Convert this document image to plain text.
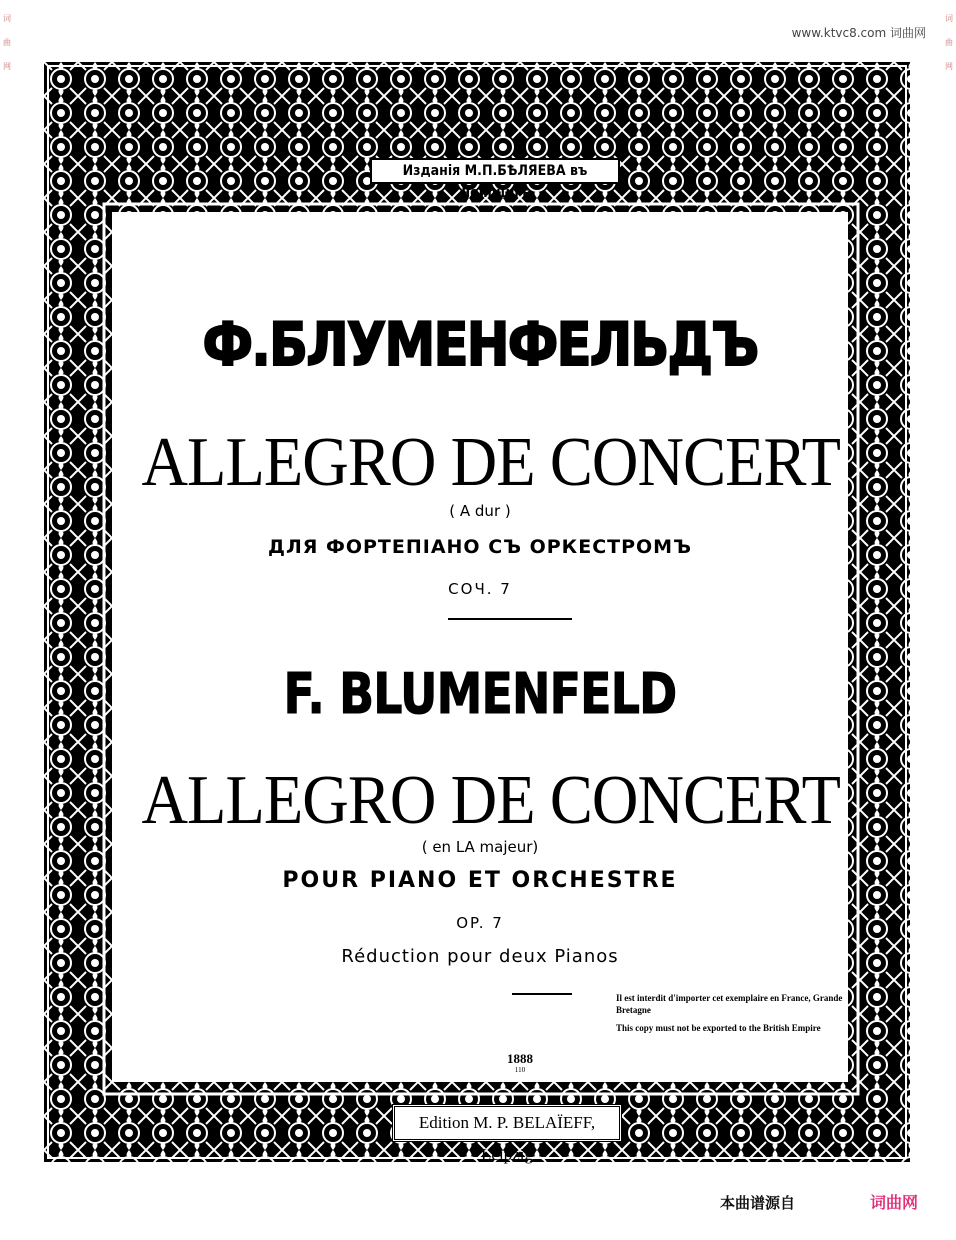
词
曲
网
词
曲
网
www.ktvc8.com 词曲网
Изданія М.П.БѢЛЯЕВА въ Лейпцигѣ
Ф.БЛУМЕНФЕЛЬДЪ
ALLEGRO DE CONCERT
( A dur )
ДЛЯ ФОРТЕПІАНО СЪ ОРКЕСТРОМЪ
СОЧ. 7
F. BLUMENFELD
ALLEGRO DE CONCERT
( en LA majeur)
POUR PIANO ET ORCHESTRE
OP. 7
Réduction pour deux Pianos

Il est interdit d'importer cet exemplaire en France, Grande Bretagne

This copy must not be exported to the British Empire

1888
110
Edition M. P. BELAÏEFF, Leipzig
本曲谱源自	词曲网
